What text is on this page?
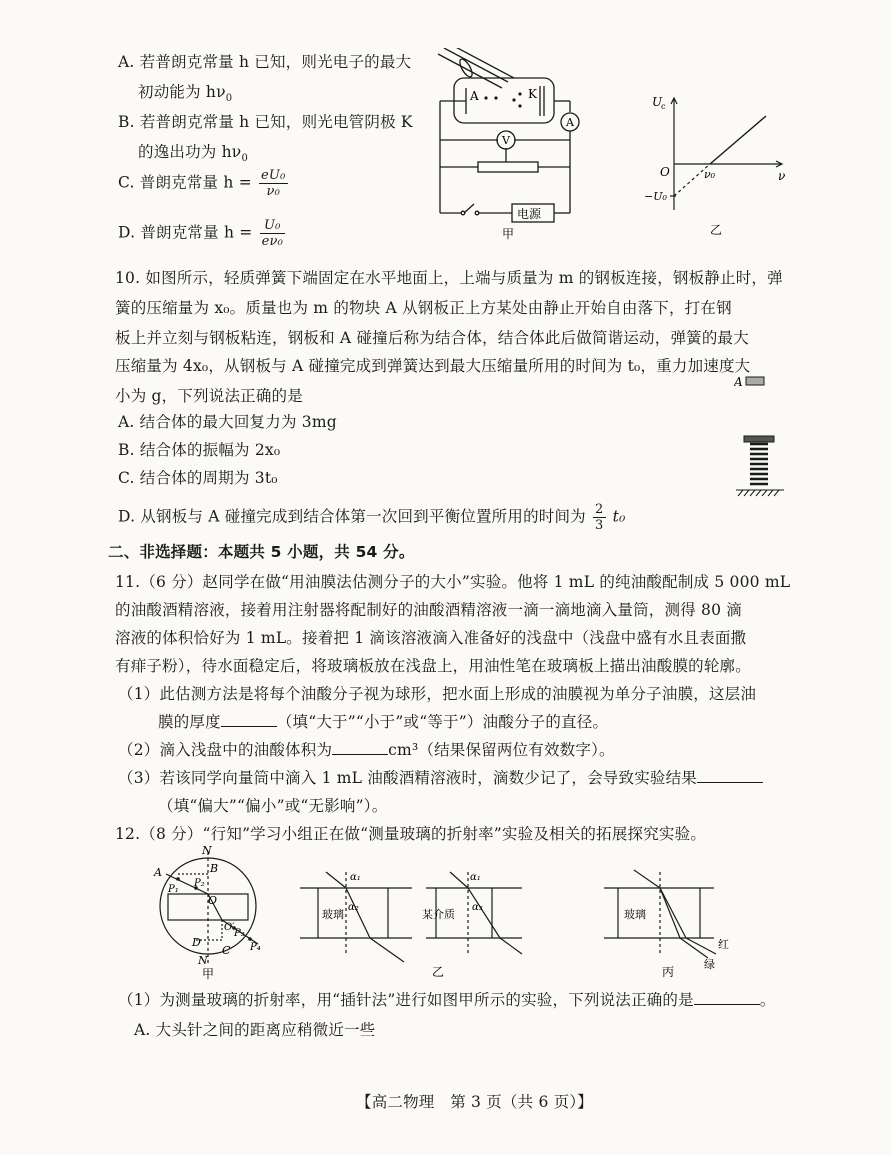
A. 若普朗克常量 h 已知，则光电子的最大
初动能为 $h\nu_0$
B. 若普朗克常量 h 已知，则光电管阴极 K
的逸出功为 $h\nu_0$
C. 普朗克常量 $h = \frac{\text{eU₀}}{\text{ν₀}}$
D. 普朗克常量 $h = \frac{\text{U₀}}{\text{eν₀}}$
A	K
A
V
电源
甲
U
c
ν
O	ν₀
−U₀
乙
10. 如图所示，轻质弹簧下端固定在水平地面上，上端与质量为 m 的钢板连接，钢板静止时，弹
簧的压缩量为 x₀。质量也为 m 的物块 A 从钢板正上方某处由静止开始自由落下，打在钢
板上并立刻与钢板粘连，钢板和 A 碰撞后称为结合体，结合体此后做简谐运动，弹簧的最大
压缩量为 4x₀，从钢板与 A 碰撞完成到弹簧达到最大压缩量所用的时间为 t₀，重力加速度大
小为 g，下列说法正确的是
A. 结合体的最大回复力为 3mg
B. 结合体的振幅为 2x₀
C. 结合体的周期为 3t₀
D. 从钢板与 A 碰撞完成到结合体第一次回到平衡位置所用的时间为 $\frac{2}{3} t_0$
A
二、非选择题：本题共 5 小题，共 54 分。
11.（6 分）赵同学在做“用油膜法估测分子的大小”实验。他将 1 mL 的纯油酸配制成 5 000 mL
的油酸酒精溶液，接着用注射器将配制好的油酸酒精溶液一滴一滴地滴入量筒，测得 80 滴
溶液的体积恰好为 1 mL。接着把 1 滴该溶液滴入准备好的浅盘中（浅盘中盛有水且表面撒
有痱子粉），待水面稳定后，将玻璃板放在浅盘上，用油性笔在玻璃板上描出油酸膜的轮廓。
（1）此估测方法是将每个油酸分子视为球形，把水面上形成的油膜视为单分子油膜，这层油
膜的厚度	（填“大于”“小于”或“等于”）油酸分子的直径。
（2）滴入浅盘中的油酸体积为	cm³（结果保留两位有效数字）。
（3）若该同学向量筒中滴入 1 mL 油酸酒精溶液时，滴数少记了，会导致实验结果
（填“偏大”“偏小”或“无影响”）。
12.（8 分）“行知”学习小组正在做“测量玻璃的折射率”实验及相关的拓展探究实验。
N
A	B
P₁
P₂
O
O′
P₃
P₄
D
C
N
甲
α₁
α₂
α₁
α₃
玻璃	某介质
乙
玻璃
红
绿
丙
（1）为测量玻璃的折射率，用“插针法”进行如图甲所示的实验，下列说法正确的是	。
A. 大头针之间的距离应稍微近一些
【高二物理　第 3 页（共 6 页）】
